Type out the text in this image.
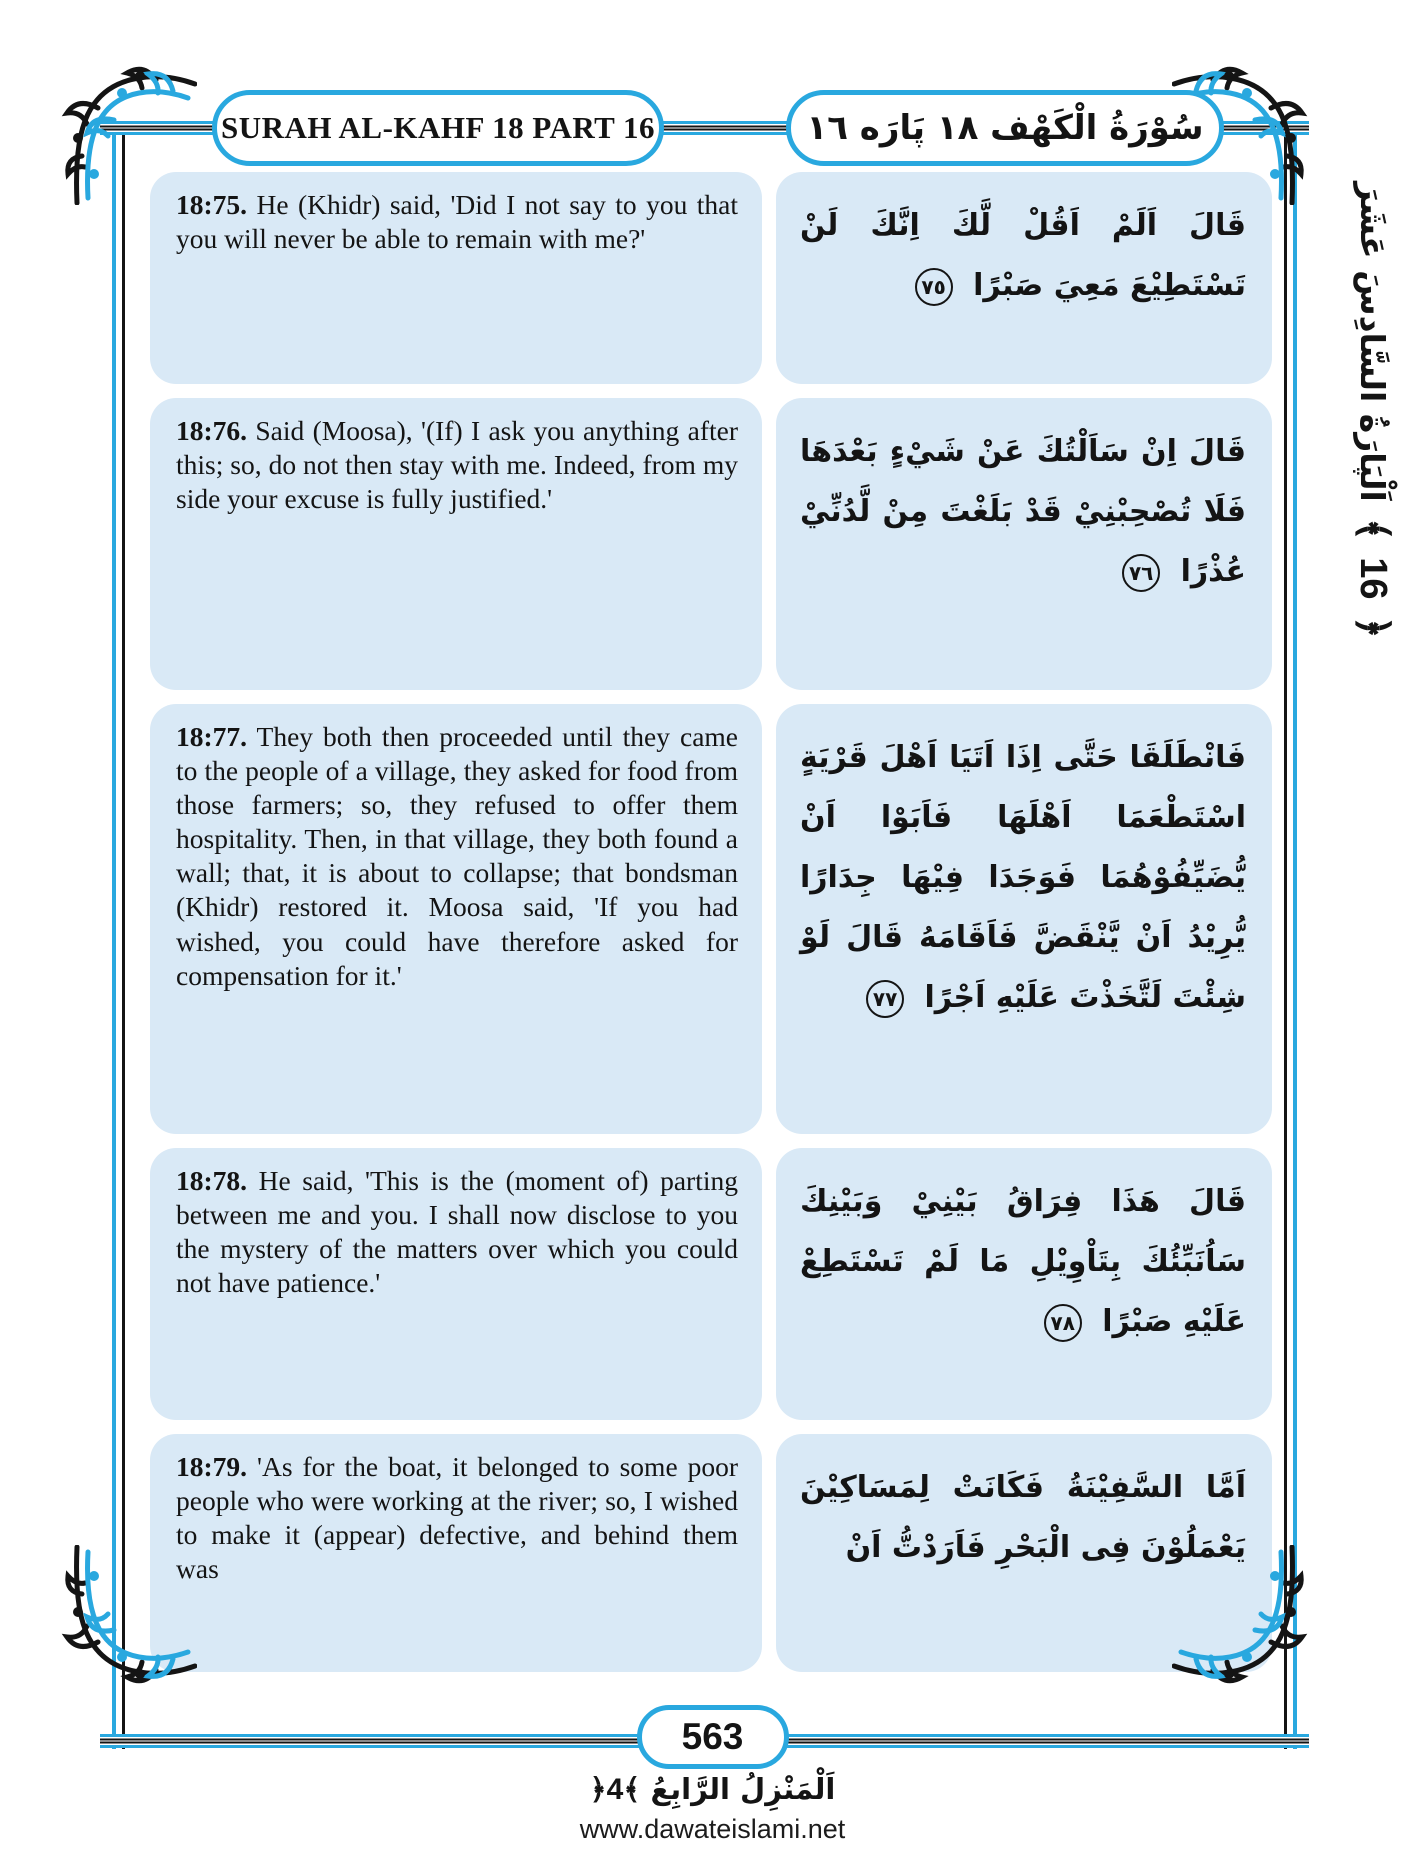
SURAH AL-KAHF 18 PART 16	سُوْرَةُ الْكَهْف ١٨ پَارَه ١٦
اَلْپَارَةُ السَّادِسَ عَشَرَ
﴾
16
﴿
18:75. He (Khidr) said, 'Did I not say to you that you will never be able to remain with me?'	قَالَ اَلَمْ اَقُلْ لَّكَ اِنَّكَ لَنْ تَسْتَطِيْعَ مَعِيَ صَبْرًا ٧٥
18:76. Said (Moosa), '(If) I ask you anything after this; so, do not then stay with me. Indeed, from my side your excuse is fully justified.'
قَالَ اِنْ سَاَلْتُكَ عَنْ شَيْءٍ بَعْدَهَا فَلَا تُصْحِبْنِيْ قَدْ بَلَغْتَ مِنْ لَّدُنِّيْ عُذْرًا ٧٦
18:77. They both then proceeded until they came to the people of a village, they asked for food from those farmers; so, they refused to offer them hospitality. Then, in that village, they both found a wall; that, it is about to collapse; that bondsman (Khidr) restored it. Moosa said, 'If you had wished, you could have therefore asked for compensation for it.'
فَانْطَلَقَا حَتَّى اِذَا اَتَيَا اَهْلَ قَرْيَةٍ اسْتَطْعَمَا اَهْلَهَا فَاَبَوْا اَنْ يُّضَيِّفُوْهُمَا فَوَجَدَا فِيْهَا جِدَارًا يُّرِيْدُ اَنْ يَّنْقَضَّ فَاَقَامَهُ قَالَ لَوْ شِئْتَ لَتَّخَذْتَ عَلَيْهِ اَجْرًا ٧٧
18:78. He said, 'This is the (moment of) parting between me and you. I shall now disclose to you the mystery of the matters over which you could not have patience.'
قَالَ هَذَا فِرَاقُ بَيْنِيْ وَبَيْنِكَ سَاُنَبِّئُكَ بِتَاْوِيْلِ مَا لَمْ تَسْتَطِعْ عَلَيْهِ صَبْرًا ٧٨
18:79. 'As for the boat, it belonged to some poor people who were working at the river; so, I wished to make it (appear) defective, and behind them was
اَمَّا السَّفِيْنَةُ فَكَانَتْ لِمَسَاكِيْنَ يَعْمَلُوْنَ فِى الْبَحْرِ فَاَرَدْتُّ اَنْ
563
اَلْمَنْزِلُ الرَّابِعُ ﴾4﴿
www.dawateislami.net
